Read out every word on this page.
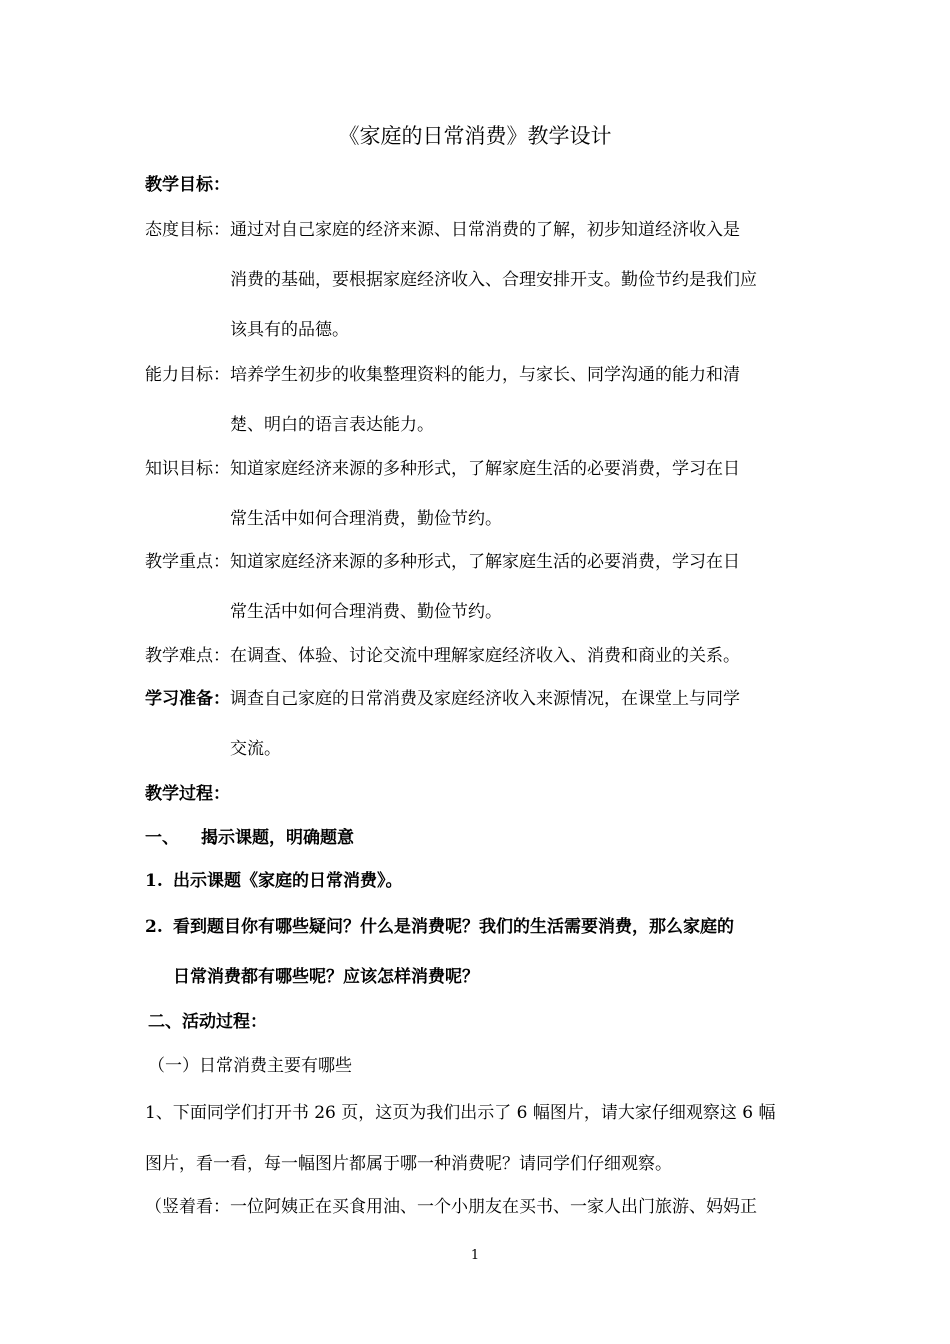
《家庭的日常消费》教学设计
教学目标：
态度目标：通过对自己家庭的经济来源、日常消费的了解，初步知道经济收入是
消费的基础，要根据家庭经济收入、合理安排开支。勤俭节约是我们应
该具有的品德。
能力目标：培养学生初步的收集整理资料的能力，与家长、同学沟通的能力和清
楚、明白的语言表达能力。
知识目标：知道家庭经济来源的多种形式，了解家庭生活的必要消费，学习在日
常生活中如何合理消费，勤俭节约。
教学重点：知道家庭经济来源的多种形式，了解家庭生活的必要消费，学习在日
常生活中如何合理消费、勤俭节约。
教学难点：在调查、体验、讨论交流中理解家庭经济收入、消费和商业的关系。
学习准备：调查自己家庭的日常消费及家庭经济收入来源情况，在课堂上与同学
交流。
教学过程：
一、 揭示课题，明确题意
1. 出示课题《家庭的日常消费》。
2. 看到题目你有哪些疑问？什么是消费呢？我们的生活需要消费，那么家庭的
日常消费都有哪些呢？应该怎样消费呢？
二、活动过程：
（一）日常消费主要有哪些
1、下面同学们打开书 26 页，这页为我们出示了 6 幅图片，请大家仔细观察这 6 幅
图片，看一看，每一幅图片都属于哪一种消费呢？请同学们仔细观察。
（竖着看：一位阿姨正在买食用油、一个小朋友在买书、一家人出门旅游、妈妈正
1
